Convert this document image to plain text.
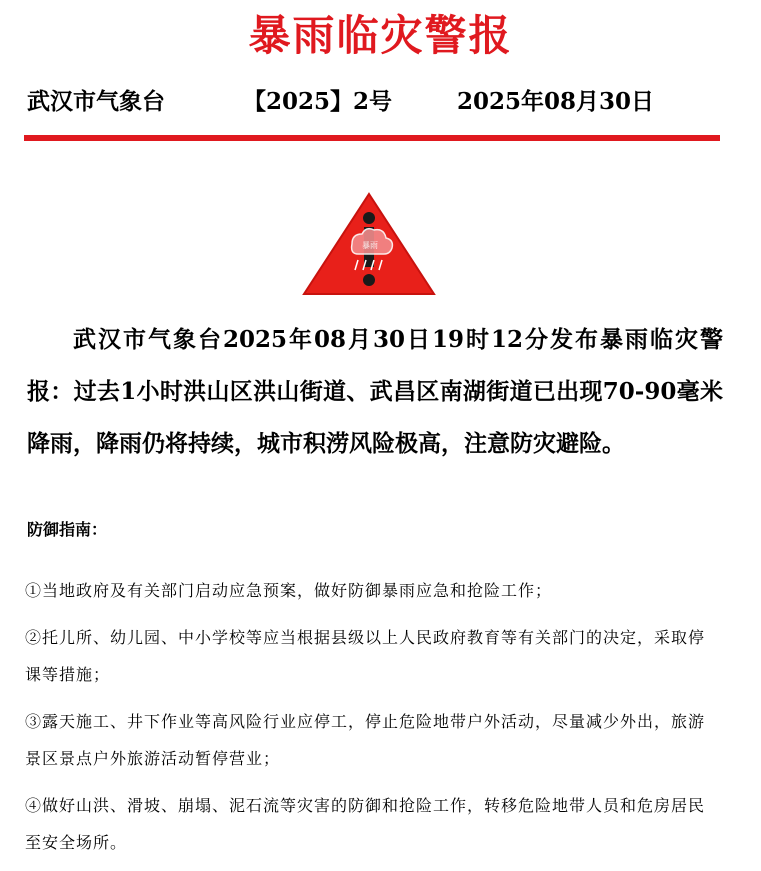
暴雨临灾警报
武汉市气象台	【2025】2号	2025年08月30日
暴雨

武汉市气象台2025年08月30日19时12分发布暴雨临灾警报：过去1小时洪山区洪山街道、武昌区南湖街道已出现70-90毫米降雨，降雨仍将持续，城市积涝风险极高，注意防灾避险。

防御指南：

①当地政府及有关部门启动应急预案，做好防御暴雨应急和抢险工作；
②托儿所、幼儿园、中小学校等应当根据县级以上人民政府教育等有关部门的决定，采取停课等措施；
③露天施工、井下作业等高风险行业应停工，停止危险地带户外活动，尽量减少外出，旅游景区景点户外旅游活动暂停营业；
④做好山洪、滑坡、崩塌、泥石流等灾害的防御和抢险工作，转移危险地带人员和危房居民至安全场所。
